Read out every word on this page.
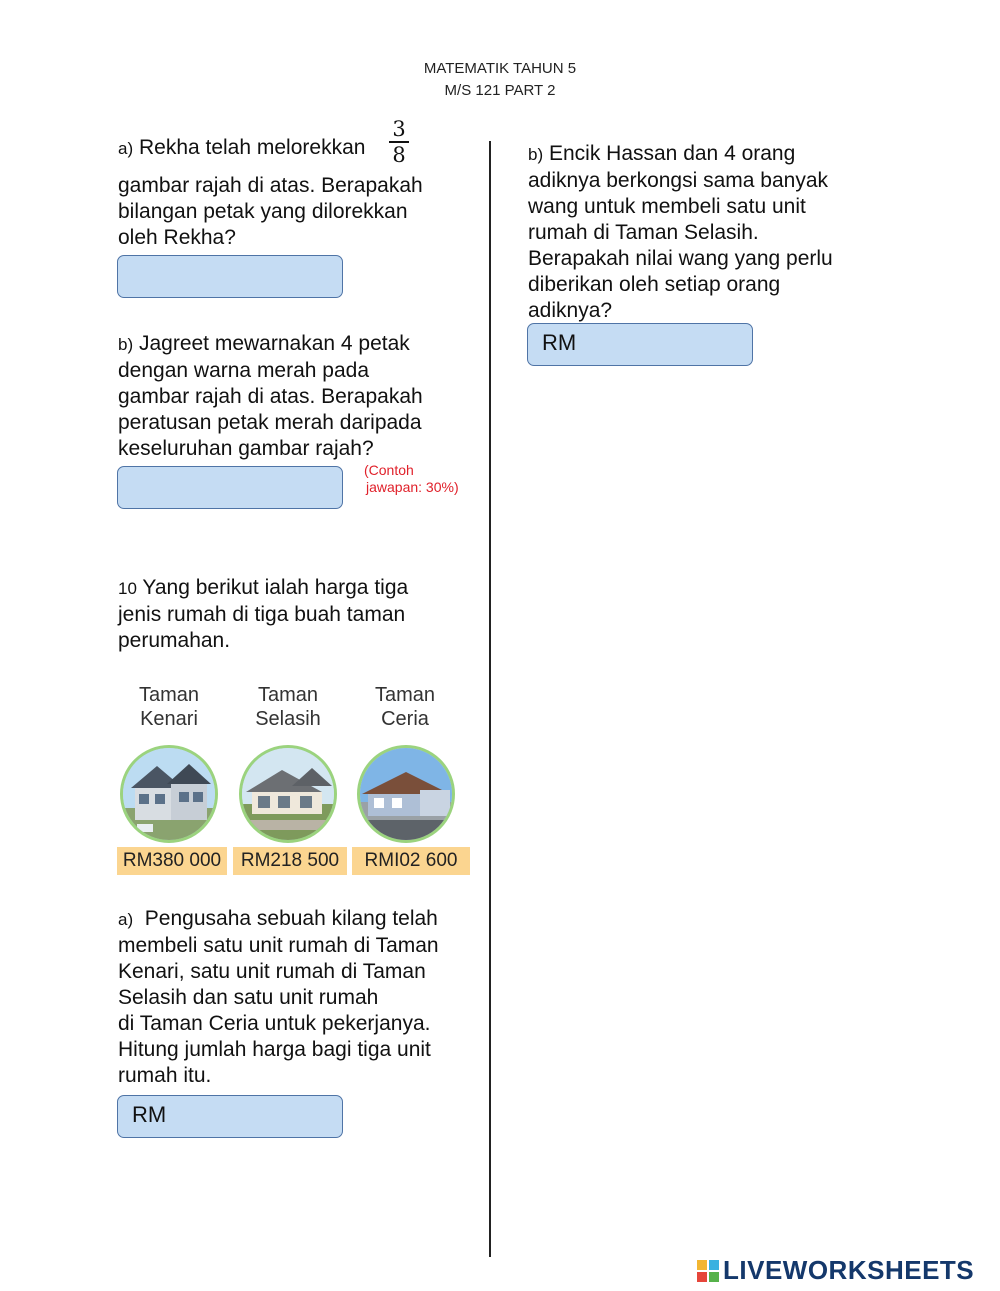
MATEMATIK TAHUN 5
M/S 121 PART 2
a) Rekha telah melorekkan
3
8
gambar rajah di atas. Berapakah
bilangan petak yang dilorekkan
oleh Rekha?
b) Jagreet mewarnakan 4 petak
dengan warna merah pada
gambar rajah di atas. Berapakah
peratusan petak merah daripada
keseluruhan gambar rajah?
(Contoh
jawapan: 30%)
10 Yang berikut ialah harga tiga
jenis rumah di tiga buah taman
perumahan.
Taman
Kenari
RM380 000
Taman
Selasih
RM218 500
Taman
Ceria
RMI02 600
a) Pengusaha sebuah kilang telah
membeli satu unit rumah di Taman
Kenari, satu unit rumah di Taman
Selasih dan satu unit rumah
di Taman Ceria untuk pekerjanya.
Hitung jumlah harga bagi tiga unit
rumah itu.
RM
b) Encik Hassan dan 4 orang
adiknya berkongsi sama banyak
wang untuk membeli satu unit
rumah di Taman Selasih.
Berapakah nilai wang yang perlu
diberikan oleh setiap orang
adiknya?
RM
LIVEWORKSHEETS
